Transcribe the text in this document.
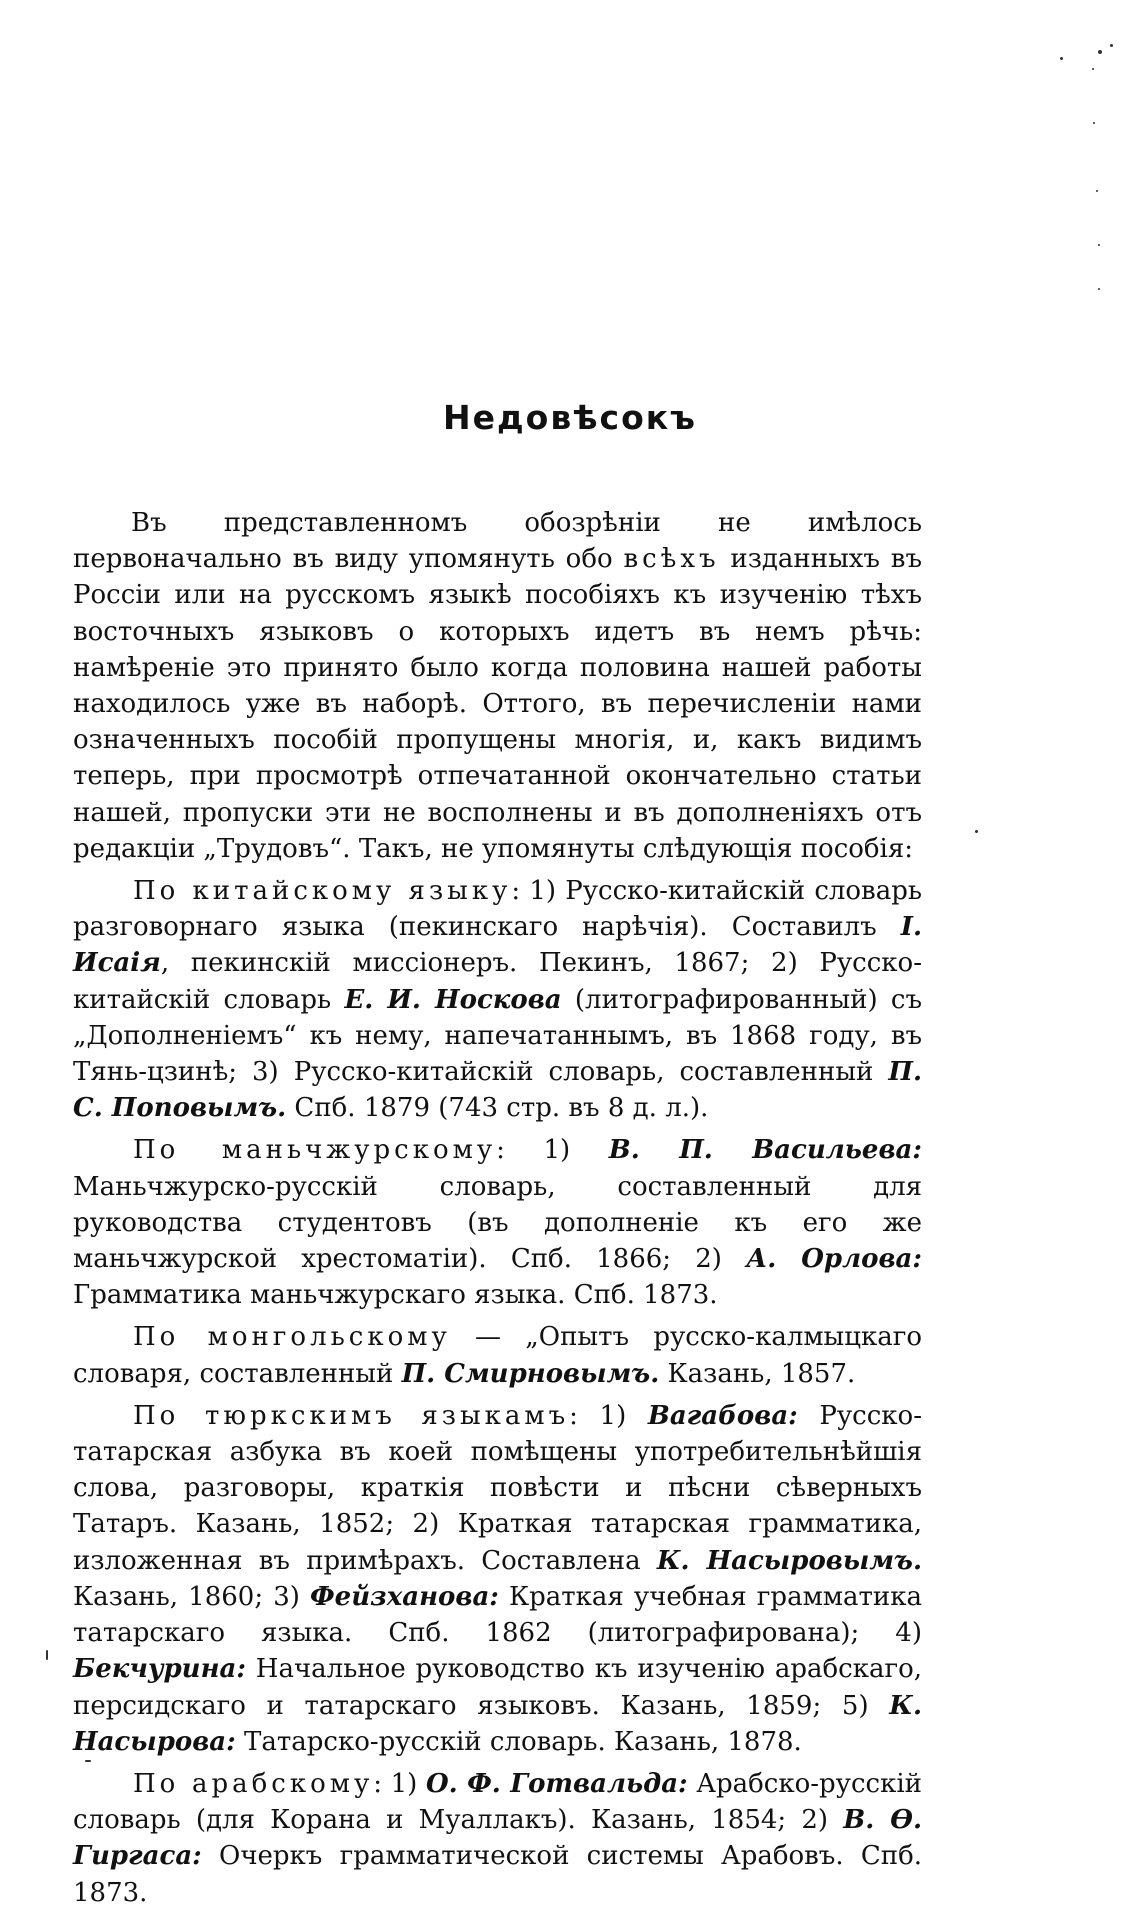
Недовѣсокъ

Въ представленномъ обозрѣніи не имѣлось первоначально въ виду упомянуть обо всѣхъ изданныхъ въ Россіи или на русскомъ языкѣ пособіяхъ къ изученію тѣхъ восточныхъ языковъ о которыхъ идетъ въ немъ рѣчь: намѣреніе это принято было когда половина нашей работы находилось уже въ наборѣ. Оттого, въ перечисленіи нами означенныхъ пособій пропущены многія, и, какъ видимъ теперь, при просмотрѣ отпечатанной окончательно статьи нашей, пропуски эти не восполнены и въ дополненіяхъ отъ редакціи „Трудовъ“. Такъ, не упомянуты слѣдующія пособія:

По китайскому языку: 1) Русско-китайскій словарь разговорнаго языка (пекинскаго нарѣчія). Составилъ I. Исаія, пекинскій миссіонеръ. Пекинъ, 1867; 2) Русско-китайскій словарь Е. И. Носкова (литографированный) съ „Дополненіемъ“ къ нему, напечатаннымъ, въ 1868 году, въ Тянь-цзинѣ; 3) Русско-китайскій словарь, составленный П. С. Поповымъ. Спб. 1879 (743 стр. въ 8 д. л.).

По маньчжурскому: 1) В. П. Васильева: Маньчжурско-русскій словарь, составленный для руководства студентовъ (въ дополненіе къ его же маньчжурской хрестоматіи). Спб. 1866; 2) А. Орлова: Грамматика маньчжурскаго языка. Спб. 1873.

По монгольскому — „Опытъ русско-калмыцкаго словаря, составленный П. Смирновымъ. Казань, 1857.

По тюркскимъ языкамъ: 1) Вагабова: Русско-татарская азбука въ коей помѣщены употребительнѣйшія слова, разговоры, краткія повѣсти и пѣсни сѣверныхъ Татаръ. Казань, 1852; 2) Краткая татарская грамматика, изложенная въ примѣрахъ. Составлена К. Насыровымъ. Казань, 1860; 3) Фейзханова: Краткая учебная грамматика татарскаго языка. Спб. 1862 (литографирована); 4) Бекчурина: Начальное руководство къ изученію арабскаго, персидскаго и татарскаго языковъ. Казань, 1859; 5) К. Насырова: Татарско-русскій словарь. Казань, 1878.

По арабскому: 1) О. Ф. Готвальда: Арабско-русскій словарь (для Корана и Муаллакъ). Казань, 1854; 2) В. Ѳ. Гиргаса: Очеркъ грамматической системы Арабовъ. Спб. 1873.
